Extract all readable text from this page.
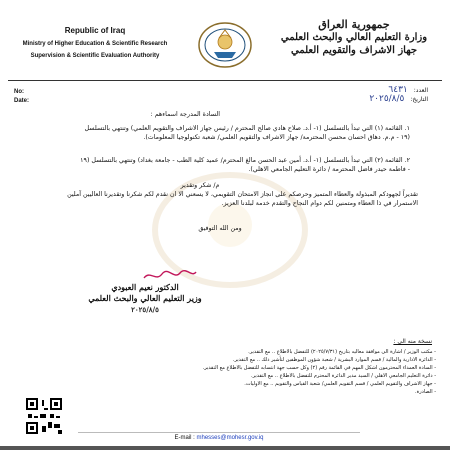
Republic of Iraq
Ministry of Higher Education & Scientific Research
Supervision & Scientific Evaluation Authority
جمهورية العراق
وزارة التعليم العالي والبحث العلمي
جهاز الاشراف والتقويم العلمي
No:
Date:
العدد:٦٤٣١
التاريخ:٢٠٢٥/٨/٥
السادة المدرجة اسماءهم :
١. القائمة (١) التي تبدأ بالتسلسل (١- أ.د. صلاح هادي صالح المحترم / رئيس جهاز الاشراف والتقويم العلمي) وتنتهي بالتسلسل (١٩ - م.م. دهاق احسان محسن المحترمة/ جهاز الاشراف والتقويم العلمي/ شعبة تكنولوجيا المعلومات).
٢. القائمة (٢) التي تبدأ بالتسلسل (١- أ.د. أمين عبد الحسن مالغ المحترم/ عميد كلية الطب - جامعة بغداد) وتنتهي بالتسلسل (١٩ - فاطمة حيدر فاضل المحترمة / دائرة التعليم الجامعي الاهلي).
م/ شكر وتقدير
تقديراً لجهودكم المبذولة والعطاء المتميز وحرصكم على انجاز الامتحان التقويمي، لا يسعني الا ان نقدم لكم شكرنا وتقديرنا العاليين آملين الاستمرار في ذا العطاء ومتمنين لكم دوام النجاح والتقدم خدمة لبلدنا العزيز.
ومن الله التوفيق
الدكتور نعيم العبودي
وزير التعليم العالي والبحث العلمي
٢٠٢٥/٨/٥
نسخة منه الى :
- مكتب الوزير / اشارة الى موافقة معاليه بتاريخ (٢٠٢٥/٧/٣١) للتفضل بالاطلاع .. مع التقدير.
- الدائرة الادارية والمالية / قسم الموارد البشرية / شعبة شؤون الموظفين لتأشير ذلك .. مع التقدير.
- السادة العمداء المحترمون اشكل المهم في القائمة رقم (٢) وكل حسب جهة انتسابه للتفضل بالاطلاع مع التقدير.
- دائرة التعليم الجامعي الاهلي / السيد مدير الدائرة المحترم للتفضل بالاطلاع .. مع التقدير.
- جهاز الاشراف والتقويم العلمي / قسم التقويم العلمي/ شعبة القياس والتقويم .. مع الاوليات.
- الصادرة.
E-mail : mhesses@mohesr.gov.iq
